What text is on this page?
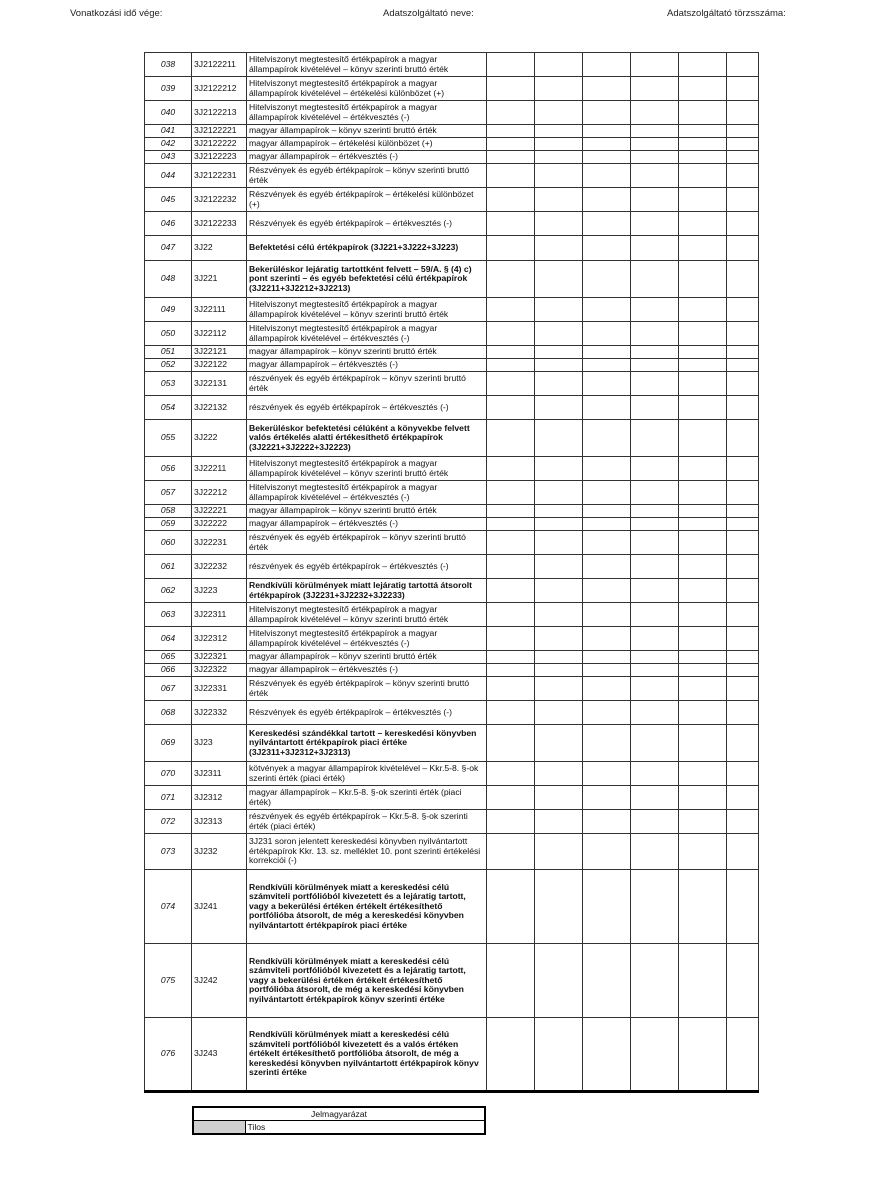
Vonatkozási idő vége:	Adatszolgáltató neve:	Adatszolgáltató törzsszáma:
038	3J2122211	Hitelviszonyt megtestesítő értékpapírok a magyar állampapírok kivételével – könyv szerinti bruttó érték						
039	3J2122212	Hitelviszonyt megtestesítő értékpapírok a magyar állampapírok kivételével – értékelési különbözet (+)						
040	3J2122213	Hitelviszonyt megtestesítő értékpapírok a magyar állampapírok kivételével – értékvesztés (-)						
041	3J2122221	magyar állampapírok – könyv szerinti bruttó érték						
042	3J2122222	magyar állampapírok – értékelési különbözet (+)						
043	3J2122223	magyar állampapírok – értékvesztés (-)						
044	3J2122231	Részvények és egyéb értékpapírok – könyv szerinti bruttó érték						
045	3J2122232	Részvények és egyéb értékpapírok – értékelési különbözet (+)						
046	3J2122233	Részvények és egyéb értékpapírok – értékvesztés (-)						
047	3J22	Befektetési célú értékpapírok (3J221+3J222+3J223)						
048	3J221	Bekerüléskor lejáratig tartottként felvett – 59/A. § (4) c) pont szerinti – és egyéb befektetési célú értékpapírok (3J2211+3J2212+3J2213)						
049	3J22111	Hitelviszonyt megtestesítő értékpapírok a magyar állampapírok kivételével – könyv szerinti bruttó érték						
050	3J22112	Hitelviszonyt megtestesítő értékpapírok a magyar állampapírok kivételével – értékvesztés (-)						
051	3J22121	magyar állampapírok – könyv szerinti bruttó érték						
052	3J22122	magyar állampapírok – értékvesztés (-)						
053	3J22131	részvények és egyéb értékpapírok – könyv szerinti bruttó érték						
054	3J22132	részvények és egyéb értékpapírok – értékvesztés (-)						
055	3J222	Bekerüléskor befektetési célúként a könyvekbe felvett valós értékelés alatti értékesíthető értékpapírok (3J2221+3J2222+3J2223)						
056	3J22211	Hitelviszonyt megtestesítő értékpapírok a magyar állampapírok kivételével – könyv szerinti bruttó érték						
057	3J22212	Hitelviszonyt megtestesítő értékpapírok a magyar állampapírok kivételével – értékvesztés (-)						
058	3J22221	magyar állampapírok – könyv szerinti bruttó érték						
059	3J22222	magyar állampapírok – értékvesztés (-)						
060	3J22231	részvények és egyéb értékpapírok – könyv szerinti bruttó érték						
061	3J22232	részvények és egyéb értékpapírok – értékvesztés (-)						
062	3J223	Rendkívüli körülmények miatt lejáratig tartottá átsorolt értékpapírok (3J2231+3J2232+3J2233)						
063	3J22311	Hitelviszonyt megtestesítő értékpapírok a magyar állampapírok kivételével – könyv szerinti bruttó érték						
064	3J22312	Hitelviszonyt megtestesítő értékpapírok a magyar állampapírok kivételével – értékvesztés (-)						
065	3J22321	magyar állampapírok – könyv szerinti bruttó érték						
066	3J22322	magyar állampapírok – értékvesztés (-)						
067	3J22331	Részvények és egyéb értékpapírok – könyv szerinti bruttó érték						
068	3J22332	Részvények és egyéb értékpapírok – értékvesztés (-)						
069	3J23	Kereskedési szándékkal tartott – kereskedési könyvben nyilvántartott értékpapírok piaci értéke (3J2311+3J2312+3J2313)						
070	3J2311	kötvények a magyar állampapírok kivételével – Kkr.5-8. §-ok szerinti érték (piaci érték)						
071	3J2312	magyar állampapírok – Kkr.5-8. §-ok szerinti érték (piaci érték)						
072	3J2313	részvények és egyéb értékpapírok – Kkr.5-8. §-ok szerinti érték (piaci érték)						
073	3J232	3J231 soron jelentett kereskedési könyvben nyilvántartott értékpapírok Kkr. 13. sz. melléklet 10. pont szerinti értékelési korrekciói (-)						
074	3J241	Rendkívüli körülmények miatt a kereskedési célú számviteli portfólióból kivezetett és a lejáratig tartott, vagy a bekerülési értéken értékelt értékesíthető portfólióba átsorolt, de még a kereskedési könyvben nyilvántartott értékpapírok piaci értéke						
075	3J242	Rendkívüli körülmények miatt a kereskedési célú számviteli portfólióból kivezetett és a lejáratig tartott, vagy a bekerülési értéken értékelt értékesíthető portfólióba átsorolt, de még a kereskedési könyvben nyilvántartott értékpapírok könyv szerinti értéke						
076	3J243	Rendkívüli körülmények miatt a kereskedési célú számviteli portfólióból kivezetett és a valós értéken értékelt értékesíthető portfólióba átsorolt, de még a kereskedési könyvben nyilvántartott értékpapírok könyv szerinti értéke						
Jelmagyarázat
	Tilos
